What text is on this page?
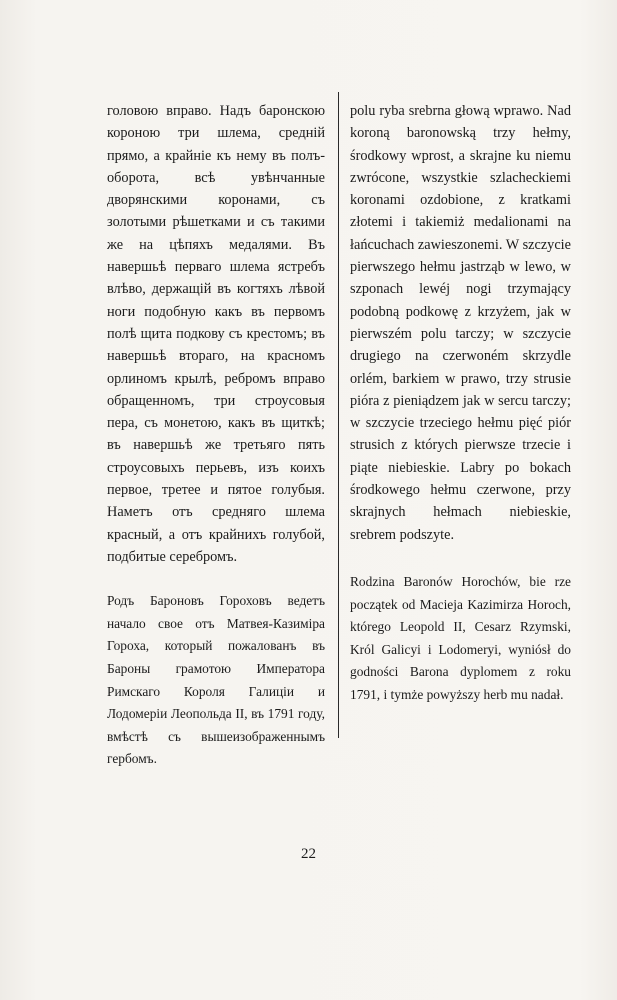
головою вправо. Надъ баронскою короною три шлема, средній прямо, а крайніе къ нему въ полъ-оборота, всѣ увѣнчанные дворянскими коронами, съ золотыми рѣшетками и съ такими же на цѣпяхъ медалями. Въ навершьѣ перваго шлема ястребъ влѣво, держащій въ когтяхъ лѣвой ноги подобную какъ въ первомъ полѣ щита подкову съ крестомъ; въ навершьѣ втораго, на красномъ орлиномъ крылѣ, ребромъ вправо обращенномъ, три строусовыя пера, съ монетою, какъ въ щиткѣ; въ навершьѣ же третьяго пять строусовыхъ перьевъ, изъ коихъ первое, третее и пятое голубыя. Наметъ отъ средняго шлема красный, а отъ крайнихъ голубой, подбитые серебромъ.

Родъ Бароновъ Гороховъ ведетъ начало свое отъ Матвея-Казиміра Гороха, который пожалованъ въ Бароны грамотою Императора Римскаго Короля Галиціи и Лодомеріи Леопольда II, въ 1791 году, вмѣстѣ съ вышеизображеннымъ гербомъ.

polu ryba srebrna głową wprawo. Nad koroną baronowską trzy hełmy, środkowy wprost, a skrajne ku niemu zwrócone, wszystkie szlacheckiemi koronami ozdobione, z kratkami złotemi i takiemiż medalionami na łańcuchach zawieszonemi. W szczycie pierwszego hełmu jastrząb w lewo, w szponach lewéj nogi trzymający podobną podkowę z krzyżem, jak w pierwszém polu tarczy; w szczycie drugiego na czerwoném skrzydle orlém, barkiem w prawo, trzy strusie pióra z pieniądzem jak w sercu tarczy; w szczycie trzeciego hełmu pięć piór strusich z których pierwsze trzecie i piąte niebieskie. Labry po bokach środkowego hełmu czerwone, przy skrajnych hełmach niebieskie, srebrem podszyte.

Rodzina Baronów Horochów, bie rze początek od Macieja Kazimirza Horoch, którego Leopold II, Cesarz Rzymski, Król Galicyi i Lodomeryi, wyniósł do godności Barona dyplomem z roku 1791, i tymże powyższy herb mu nadał.

22
